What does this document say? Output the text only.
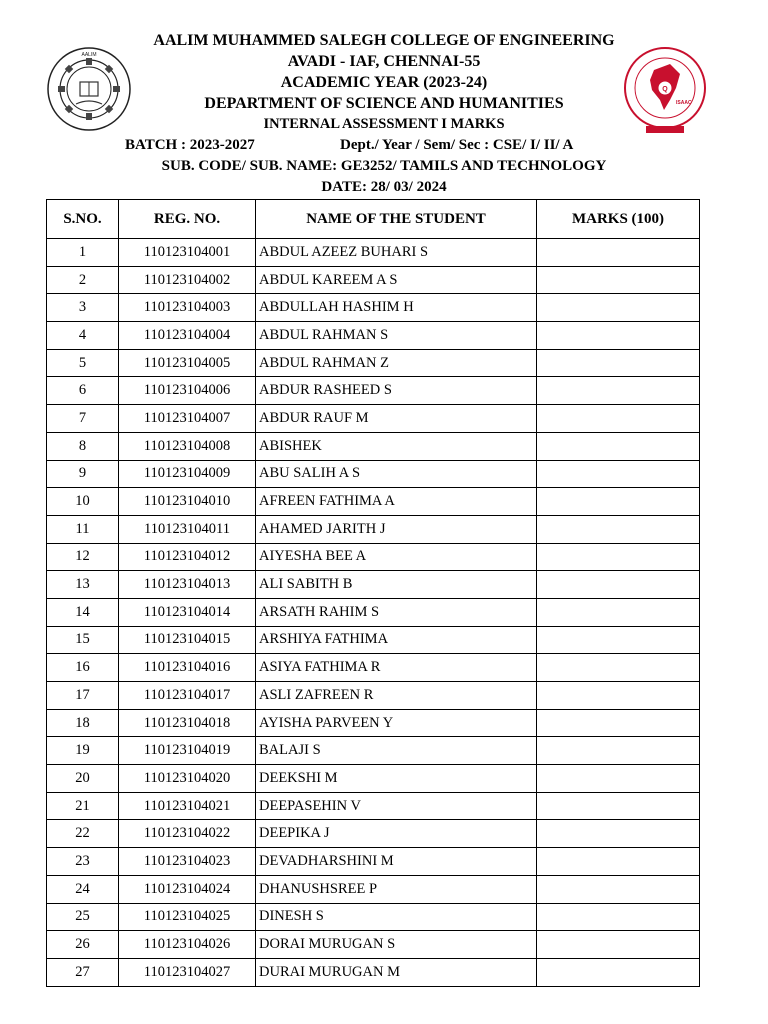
AALIM
Q
ISAAC
AALIM MUHAMMED SALEGH COLLEGE OF ENGINEERING
AVADI - IAF, CHENNAI-55
ACADEMIC YEAR (2023-24)
DEPARTMENT OF SCIENCE AND HUMANITIES
INTERNAL ASSESSMENT I MARKS
BATCH : 2023-2027	Dept./ Year / Sem/ Sec : CSE/ I/ II/ A
SUB. CODE/ SUB. NAME: GE3252/ TAMILS AND TECHNOLOGY
DATE: 28/ 03/ 2024
S.NO.	REG. NO.	NAME OF THE STUDENT	MARKS (100)
1	110123104001	ABDUL AZEEZ BUHARI S	
2	110123104002	ABDUL KAREEM A S	
3	110123104003	ABDULLAH HASHIM H	
4	110123104004	ABDUL RAHMAN S	
5	110123104005	ABDUL RAHMAN Z	
6	110123104006	ABDUR RASHEED S	
7	110123104007	ABDUR RAUF M	
8	110123104008	ABISHEK	
9	110123104009	ABU SALIH A S	
10	110123104010	AFREEN FATHIMA A	
11	110123104011	AHAMED JARITH J	
12	110123104012	AIYESHA BEE A	
13	110123104013	ALI SABITH B	
14	110123104014	ARSATH RAHIM S	
15	110123104015	ARSHIYA FATHIMA	
16	110123104016	ASIYA FATHIMA R	
17	110123104017	ASLI ZAFREEN R	
18	110123104018	AYISHA PARVEEN Y	
19	110123104019	BALAJI S	
20	110123104020	DEEKSHI M	
21	110123104021	DEEPASEHIN V	
22	110123104022	DEEPIKA J	
23	110123104023	DEVADHARSHINI M	
24	110123104024	DHANUSHSREE P	
25	110123104025	DINESH S	
26	110123104026	DORAI MURUGAN S	
27	110123104027	DURAI MURUGAN M	
